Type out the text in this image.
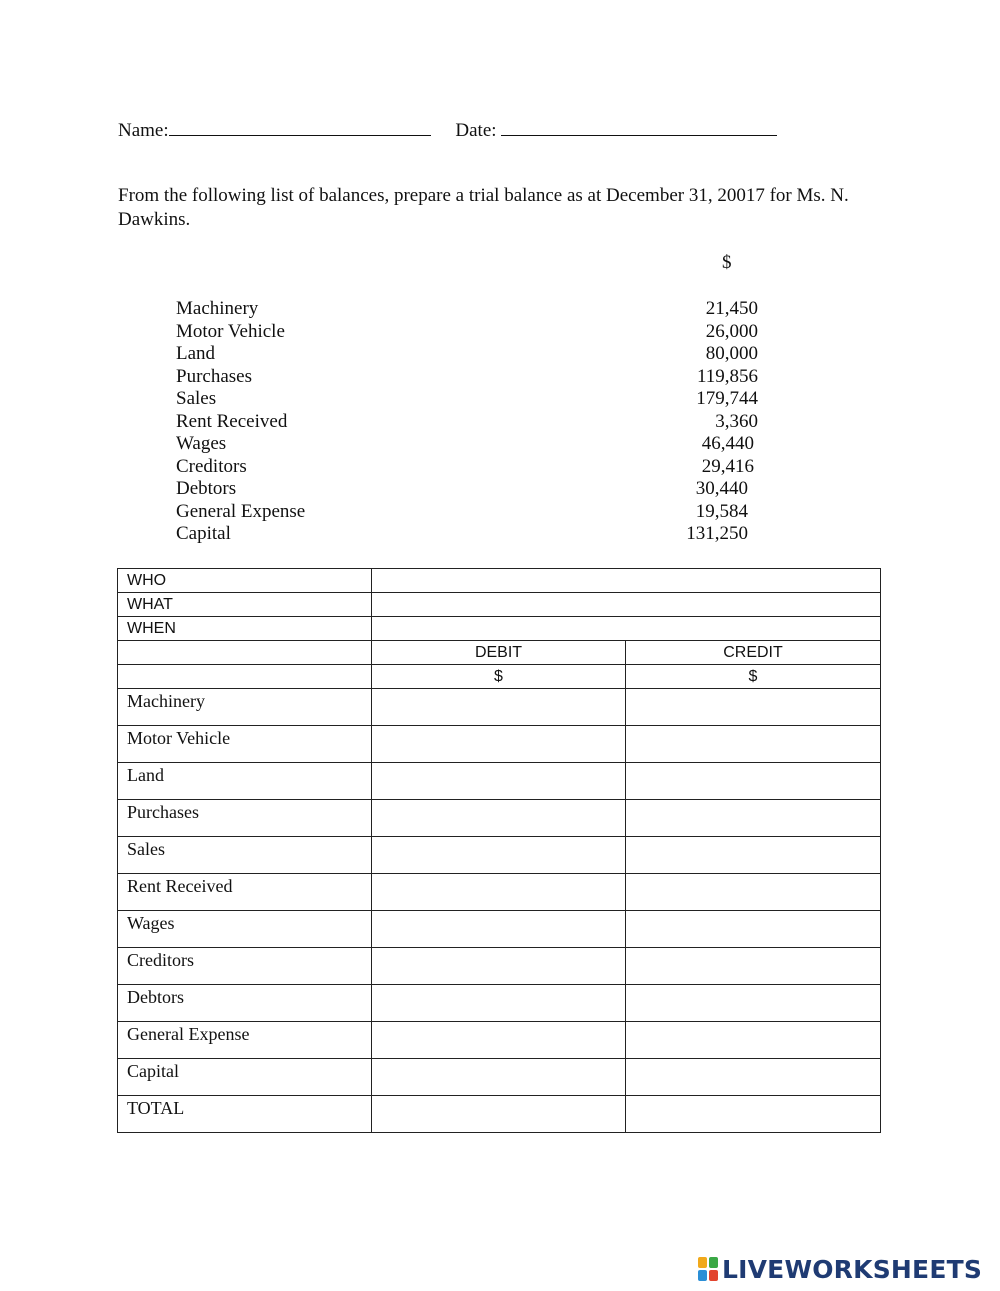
Name:	Date:
From the following list of balances, prepare a trial balance as at December 31, 20017 for Ms. N. Dawkins.
$
Machinery	21,450
Motor Vehicle	26,000
Land	80,000
Purchases	119,856
Sales	179,744
Rent Received	3,360
Wages	46,440
Creditors	29,416
Debtors	30,440
General Expense	19,584
Capital	131,250
WHO		
WHAT		
WHEN		
	DEBIT	CREDIT
	$	$
Machinery		
Motor Vehicle		
Land		
Purchases		
Sales		
Rent Received		
Wages		
Creditors		
Debtors		
General Expense		
Capital		
TOTAL		
LIVEWORKSHEETS
